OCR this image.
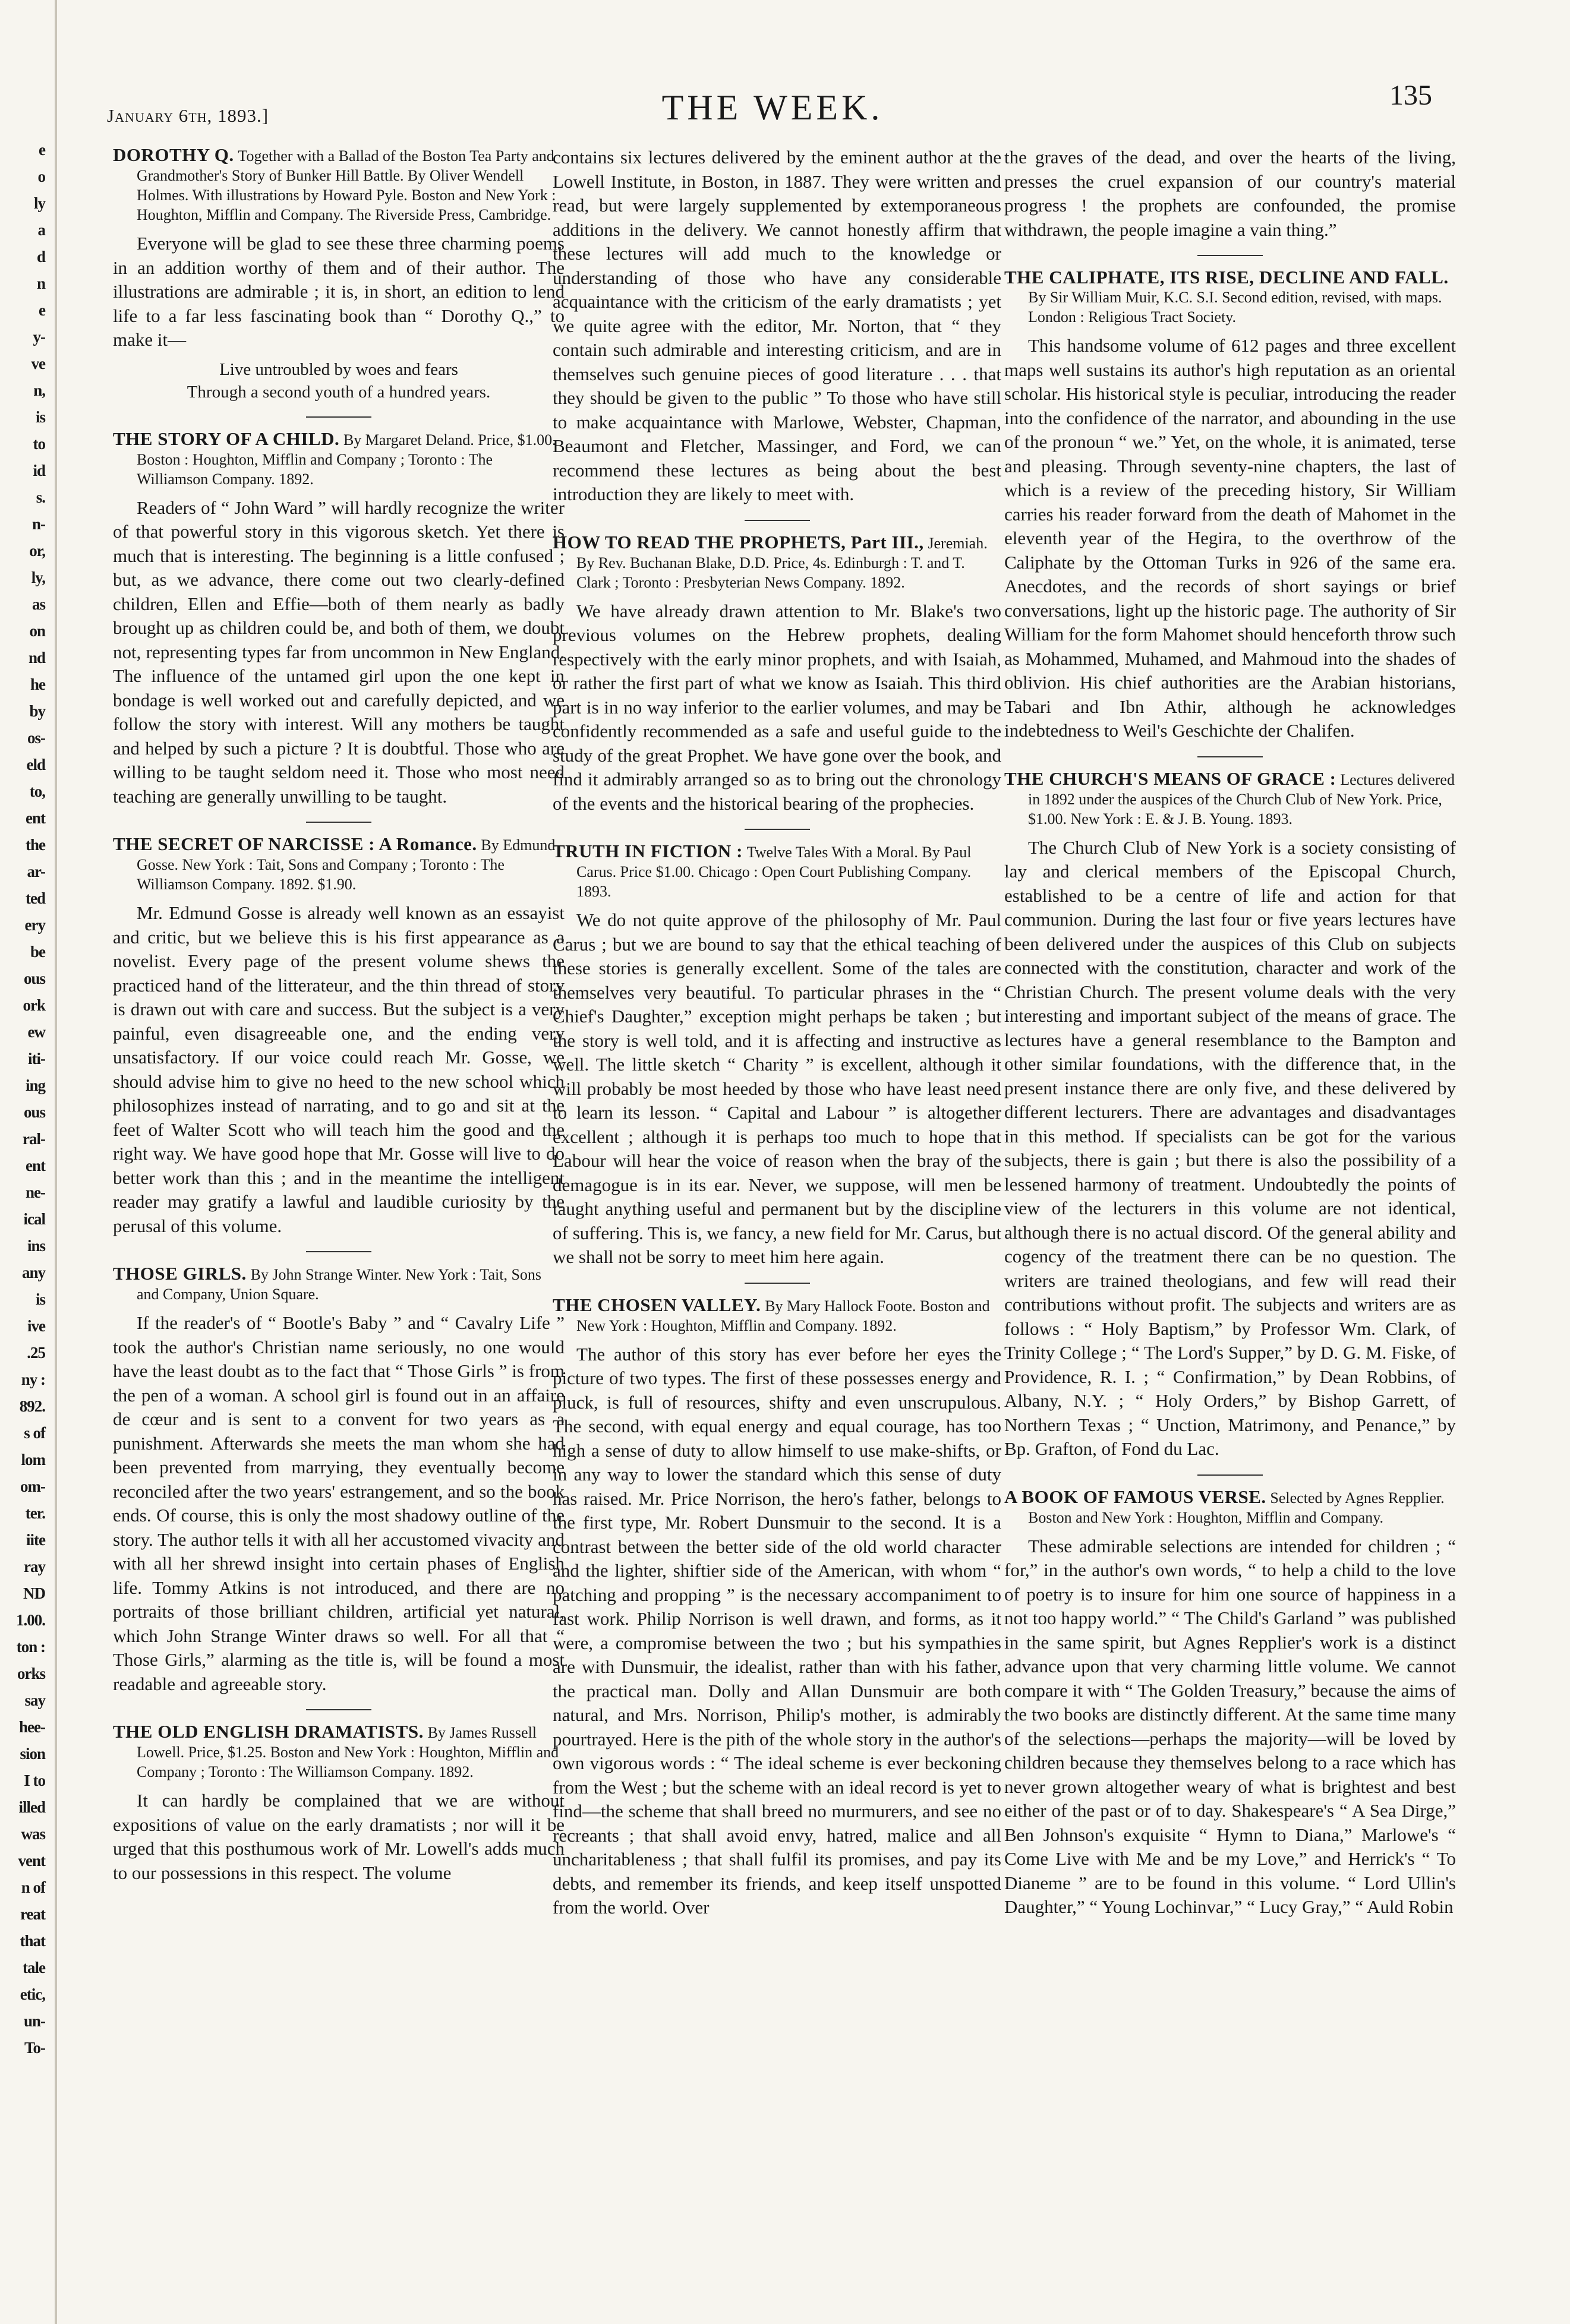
e
o
ly
a
d
n
e
y-
ve
n,
is
to
id
s.
n-
or,
ly,
as
on
nd
he
by
os-
eld
to,
ent
the
ar-
ted
ery
be
ous
ork
ew
iti-
ing
ous
ral-
ent
ne-
ical
ins
any
is
ive
.25
ny :
892.
s of
lom
om-
ter.
iite
ray
ND
1.00.
ton :
orks
say
hee-
sion
I to
illed
was
vent
n of
reat
that
tale
etic,
un-
To-
January 6th, 1893.]	THE WEEK.	135
DOROTHY Q. Together with a Ballad of the Boston Tea Party and Grandmother's Story of Bunker Hill Battle. By Oliver Wendell Holmes. With illustrations by Howard Pyle. Boston and New York : Houghton, Mifflin and Company. The Riverside Press, Cambridge.

Everyone will be glad to see these three charming poems in an addition worthy of them and of their author. The illustrations are admirable ; it is, in short, an edition to lend life to a far less fascinating book than “ Dorothy Q.,” to make it—

Live untroubled by woes and fears
Through a second youth of a hundred years.
THE STORY OF A CHILD. By Margaret Deland. Price, $1.00. Boston : Houghton, Mifflin and Company ; Toronto : The Williamson Company. 1892.

Readers of “ John Ward ” will hardly recognize the writer of that powerful story in this vigorous sketch. Yet there is much that is interesting. The beginning is a little confused ; but, as we advance, there come out two clearly-defined children, Ellen and Effie—both of them nearly as badly brought up as children could be, and both of them, we doubt not, representing types far from uncommon in New England. The influence of the untamed girl upon the one kept in bondage is well worked out and carefully depicted, and we follow the story with interest. Will any mothers be taught and helped by such a picture ? It is doubtful. Those who are willing to be taught seldom need it. Those who most need teaching are generally unwilling to be taught.

THE SECRET OF NARCISSE : A Romance. By Edmund Gosse. New York : Tait, Sons and Company ; Toronto : The Williamson Company. 1892. $1.90.

Mr. Edmund Gosse is already well known as an essayist and critic, but we believe this is his first appearance as a novelist. Every page of the present volume shews the practiced hand of the litterateur, and the thin thread of story is drawn out with care and success. But the subject is a very painful, even disagreeable one, and the ending very unsatisfactory. If our voice could reach Mr. Gosse, we should advise him to give no heed to the new school which philosophizes instead of narrating, and to go and sit at the feet of Walter Scott who will teach him the good and the right way. We have good hope that Mr. Gosse will live to do better work than this ; and in the meantime the intelligent reader may gratify a lawful and laudible curiosity by the perusal of this volume.

THOSE GIRLS. By John Strange Winter. New York : Tait, Sons and Company, Union Square.

If the reader's of “ Bootle's Baby ” and “ Cavalry Life ” took the author's Christian name seriously, no one would have the least doubt as to the fact that “ Those Girls ” is from the pen of a woman. A school girl is found out in an affaire de cœur and is sent to a convent for two years as a punishment. Afterwards she meets the man whom she had been prevented from marrying, they eventually become reconciled after the two years' estrangement, and so the book ends. Of course, this is only the most shadowy outline of the story. The author tells it with all her accustomed vivacity and with all her shrewd insight into certain phases of English life. Tommy Atkins is not introduced, and there are no portraits of those brilliant children, artificial yet natural, which John Strange Winter draws so well. For all that “ Those Girls,” alarming as the title is, will be found a most readable and agreeable story.

THE OLD ENGLISH DRAMATISTS. By James Russell Lowell. Price, $1.25. Boston and New York : Houghton, Mifflin and Company ; Toronto : The Williamson Company. 1892.

It can hardly be complained that we are without expositions of value on the early dramatists ; nor will it be urged that this posthumous work of Mr. Lowell's adds much to our possessions in this respect. The volume

contains six lectures delivered by the eminent author at the Lowell Institute, in Boston, in 1887. They were written and read, but were largely supplemented by extemporaneous additions in the delivery. We cannot honestly affirm that these lectures will add much to the knowledge or understanding of those who have any considerable acquaintance with the criticism of the early dramatists ; yet we quite agree with the editor, Mr. Norton, that “ they contain such admirable and interesting criticism, and are in themselves such genuine pieces of good literature . . . that they should be given to the public ” To those who have still to make acquaintance with Marlowe, Webster, Chapman, Beaumont and Fletcher, Massinger, and Ford, we can recommend these lectures as being about the best introduction they are likely to meet with.

HOW TO READ THE PROPHETS, Part III., Jeremiah. By Rev. Buchanan Blake, D.D. Price, 4s. Edinburgh : T. and T. Clark ; Toronto : Presbyterian News Company. 1892.

We have already drawn attention to Mr. Blake's two previous volumes on the Hebrew prophets, dealing respectively with the early minor prophets, and with Isaiah, or rather the first part of what we know as Isaiah. This third part is in no way inferior to the earlier volumes, and may be confidently recommended as a safe and useful guide to the study of the great Prophet. We have gone over the book, and find it admirably arranged so as to bring out the chronology of the events and the historical bearing of the prophecies.

TRUTH IN FICTION : Twelve Tales With a Moral. By Paul Carus. Price $1.00. Chicago : Open Court Publishing Company. 1893.

We do not quite approve of the philosophy of Mr. Paul Carus ; but we are bound to say that the ethical teaching of these stories is generally excellent. Some of the tales are themselves very beautiful. To particular phrases in the “ Chief's Daughter,” exception might perhaps be taken ; but the story is well told, and it is affecting and instructive as well. The little sketch “ Charity ” is excellent, although it will probably be most heeded by those who have least need to learn its lesson. “ Capital and Labour ” is altogether excellent ; although it is perhaps too much to hope that Labour will hear the voice of reason when the bray of the demagogue is in its ear. Never, we suppose, will men be taught anything useful and permanent but by the discipline of suffering. This is, we fancy, a new field for Mr. Carus, but we shall not be sorry to meet him here again.

THE CHOSEN VALLEY. By Mary Hallock Foote. Boston and New York : Houghton, Mifflin and Company. 1892.

The author of this story has ever before her eyes the picture of two types. The first of these possesses energy and pluck, is full of resources, shifty and even unscrupulous. The second, with equal energy and equal courage, has too high a sense of duty to allow himself to use make-shifts, or in any way to lower the standard which this sense of duty has raised. Mr. Price Norrison, the hero's father, belongs to the first type, Mr. Robert Dunsmuir to the second. It is a contrast between the better side of the old world character and the lighter, shiftier side of the American, with whom “ patching and propping ” is the necessary accompaniment to fast work. Philip Norrison is well drawn, and forms, as it were, a compromise between the two ; but his sympathies are with Dunsmuir, the idealist, rather than with his father, the practical man. Dolly and Allan Dunsmuir are both natural, and Mrs. Norrison, Philip's mother, is admirably pourtrayed. Here is the pith of the whole story in the author's own vigorous words : “ The ideal scheme is ever beckoning from the West ; but the scheme with an ideal record is yet to find—the scheme that shall breed no murmurers, and see no recreants ; that shall avoid envy, hatred, malice and all uncharitableness ; that shall fulfil its promises, and pay its debts, and remember its friends, and keep itself unspotted from the world. Over

the graves of the dead, and over the hearts of the living, presses the cruel expansion of our country's material progress ! the prophets are confounded, the promise withdrawn, the people imagine a vain thing.”

THE CALIPHATE, ITS RISE, DECLINE AND FALL. By Sir William Muir, K.C. S.I. Second edition, revised, with maps. London : Religious Tract Society.

This handsome volume of 612 pages and three excellent maps well sustains its author's high reputation as an oriental scholar. His historical style is peculiar, introducing the reader into the confidence of the narrator, and abounding in the use of the pronoun “ we.” Yet, on the whole, it is animated, terse and pleasing. Through seventy-nine chapters, the last of which is a review of the preceding history, Sir William carries his reader forward from the death of Mahomet in the eleventh year of the Hegira, to the overthrow of the Caliphate by the Ottoman Turks in 926 of the same era. Anecdotes, and the records of short sayings or brief conversations, light up the historic page. The authority of Sir William for the form Mahomet should henceforth throw such as Mohammed, Muhamed, and Mahmoud into the shades of oblivion. His chief authorities are the Arabian historians, Tabari and Ibn Athir, although he acknowledges indebtedness to Weil's Geschichte der Chalifen.

THE CHURCH'S MEANS OF GRACE : Lectures delivered in 1892 under the auspices of the Church Club of New York. Price, $1.00. New York : E. & J. B. Young. 1893.

The Church Club of New York is a society consisting of lay and clerical members of the Episcopal Church, established to be a centre of life and action for that communion. During the last four or five years lectures have been delivered under the auspices of this Club on subjects connected with the constitution, character and work of the Christian Church. The present volume deals with the very interesting and important subject of the means of grace. The lectures have a general resemblance to the Bampton and other similar foundations, with the difference that, in the present instance there are only five, and these delivered by different lecturers. There are advantages and disadvantages in this method. If specialists can be got for the various subjects, there is gain ; but there is also the possibility of a lessened harmony of treatment. Undoubtedly the points of view of the lecturers in this volume are not identical, although there is no actual discord. Of the general ability and cogency of the treatment there can be no question. The writers are trained theologians, and few will read their contributions without profit. The subjects and writers are as follows : “ Holy Baptism,” by Professor Wm. Clark, of Trinity College ; “ The Lord's Supper,” by D. G. M. Fiske, of Providence, R. I. ; “ Confirmation,” by Dean Robbins, of Albany, N.Y. ; “ Holy Orders,” by Bishop Garrett, of Northern Texas ; “ Unction, Matrimony, and Penance,” by Bp. Grafton, of Fond du Lac.

A BOOK OF FAMOUS VERSE. Selected by Agnes Repplier. Boston and New York : Houghton, Mifflin and Company.

These admirable selections are intended for children ; “ for,” in the author's own words, “ to help a child to the love of poetry is to insure for him one source of happiness in a not too happy world.” “ The Child's Garland ” was published in the same spirit, but Agnes Repplier's work is a distinct advance upon that very charming little volume. We cannot compare it with “ The Golden Treasury,” because the aims of the two books are distinctly different. At the same time many of the selections—perhaps the majority—will be loved by children because they themselves belong to a race which has never grown altogether weary of what is brightest and best either of the past or of to day. Shakespeare's “ A Sea Dirge,” Ben Johnson's exquisite “ Hymn to Diana,” Marlowe's “ Come Live with Me and be my Love,” and Herrick's “ To Dianeme ” are to be found in this volume. “ Lord Ullin's Daughter,” “ Young Lochinvar,” “ Lucy Gray,” “ Auld Robin
